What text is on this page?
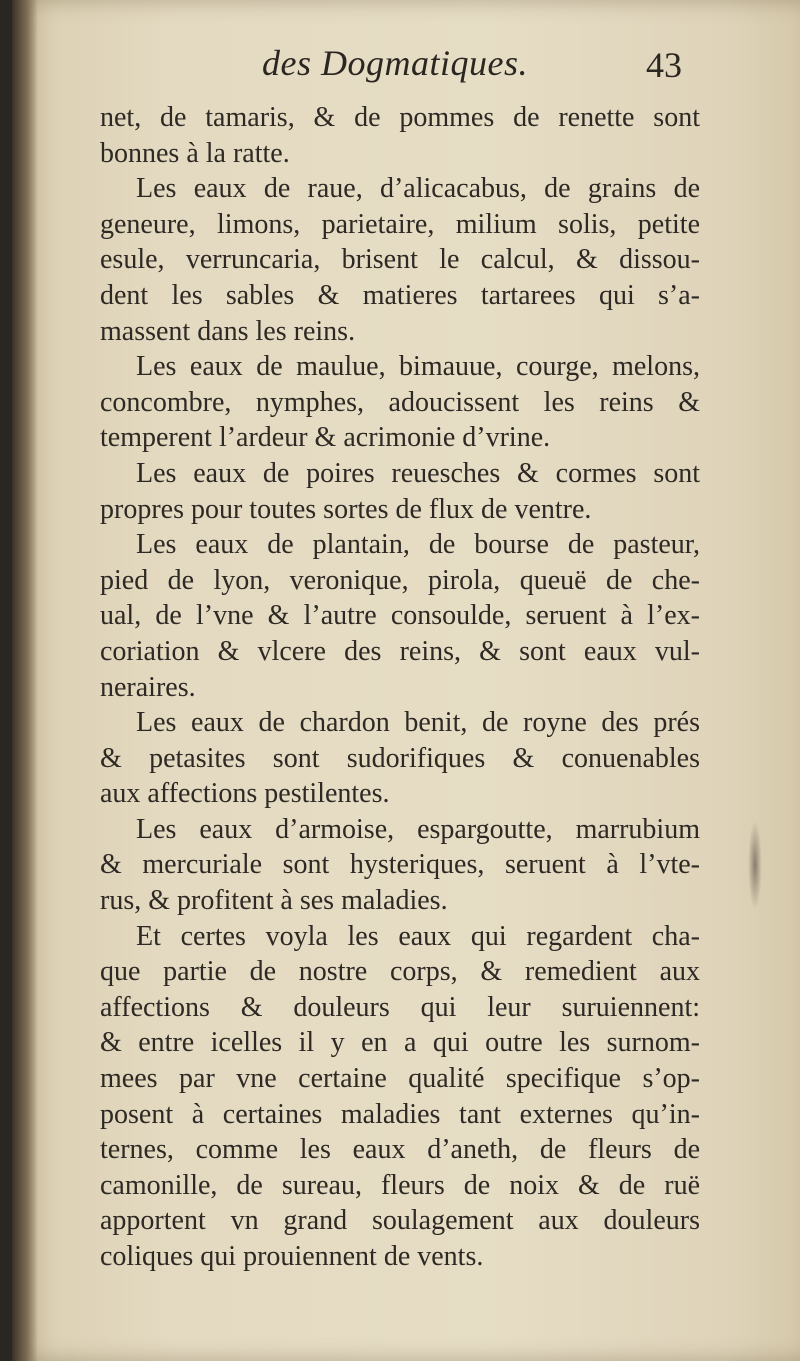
des Dogmatiques.	43
net, de tamaris, & de pommes de renette sont
bonnes à la ratte.
Les eaux de raue, d’alicacabus, de grains de
geneure, limons, parietaire, milium solis, petite
esule, verruncaria, brisent le calcul, & dissou-
dent les sables & matieres tartarees qui s’a-
massent dans les reins.
Les eaux de maulue, bimauue, courge, melons,
concombre, nymphes, adoucissent les reins &
temperent l’ardeur & acrimonie d’vrine.
Les eaux de poires reuesches & cormes sont
propres pour toutes sortes de flux de ventre.
Les eaux de plantain, de bourse de pasteur,
pied de lyon, veronique, pirola, queuë de che-
ual, de l’vne & l’autre consoulde, seruent à l’ex-
coriation & vlcere des reins, & sont eaux vul-
neraires.
Les eaux de chardon benit, de royne des prés
& petasites sont sudorifiques & conuenables
aux affections pestilentes.
Les eaux d’armoise, espargoutte, marrubium
& mercuriale sont hysteriques, seruent à l’vte-
rus, & profitent à ses maladies.
Et certes voyla les eaux qui regardent cha-
que partie de nostre corps, & remedient aux
affections & douleurs qui leur suruiennent:
& entre icelles il y en a qui outre les surnom-
mees par vne certaine qualité specifique s’op-
posent à certaines maladies tant externes qu’in-
ternes, comme les eaux d’aneth, de fleurs de
camonille, de sureau, fleurs de noix & de ruë
apportent vn grand soulagement aux douleurs
coliques qui prouiennent de vents.
